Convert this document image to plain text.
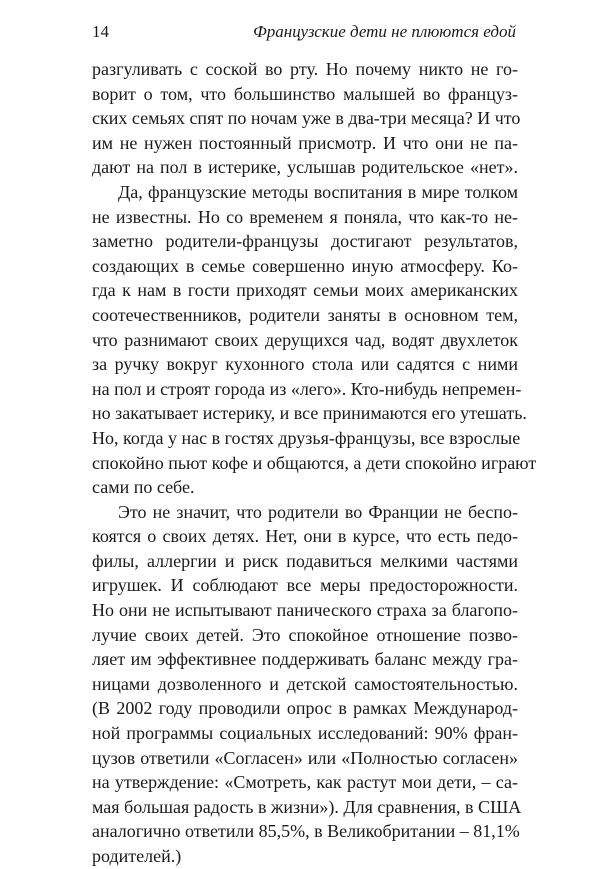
14	Французские дети не плюются едой
разгуливать с соской во рту. Но почему никто не го-
ворит о том, что большинство малышей во француз-
ских семьях спят по ночам уже в два-три месяца? И что
им не нужен постоянный присмотр. И что они не па-
дают на пол в истерике, услышав родительское «нет».
Да, французские методы воспитания в мире толком
не известны. Но со временем я поняла, что как-то не-
заметно родители-французы достигают результатов,
создающих в семье совершенно иную атмосферу. Ко-
гда к нам в гости приходят семьи моих американских
соотечественников, родители заняты в основном тем,
что разнимают своих дерущихся чад, водят двухлеток
за ручку вокруг кухонного стола или садятся с ними
на пол и строят города из «лего». Кто-нибудь непремен-
но закатывает истерику, и все принимаются его утешать.
Но, когда у нас в гостях друзья-французы, все взрослые
спокойно пьют кофе и общаются, а дети спокойно играют
сами по себе.
Это не значит, что родители во Франции не беспо-
коятся о своих детях. Нет, они в курсе, что есть педо-
филы, аллергии и риск подавиться мелкими частями
игрушек. И соблюдают все меры предосторожности.
Но они не испытывают панического страха за благопо-
лучие своих детей. Это спокойное отношение позво-
ляет им эффективнее поддерживать баланс между гра-
ницами дозволенного и детской самостоятельностью.
(В 2002 году проводили опрос в рамках Международ-
ной программы социальных исследований: 90% фран-
цузов ответили «Согласен» или «Полностью согласен»
на утверждение: «Смотреть, как растут мои дети, – са-
мая большая радость в жизни»). Для сравнения, в США
аналогично ответили 85,5%, в Великобритании – 81,1%
родителей.)
